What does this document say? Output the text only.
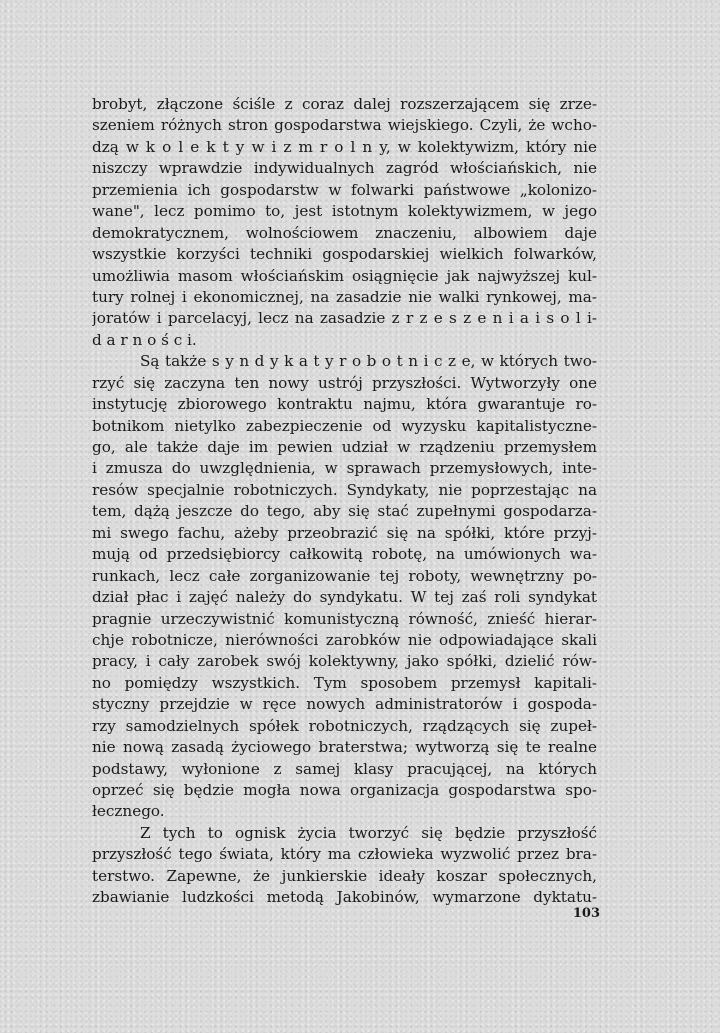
brobyt, złączone ściśle z coraz dalej rozszerzającem się zrze-
szeniem różnych stron gospodarstwa wiejskiego. Czyli, że wcho-
dzą w k o l e k t y w i z m r o l n y, w kolektywizm, który nie
niszczy wprawdzie indywidualnych zagród włościańskich, nie
przemienia ich gospodarstw w folwarki państwowe „kolonizo-
wane", lecz pomimo to, jest istotnym kolektywizmem, w jego
demokratycznem, wolnościowem znaczeniu, albowiem daje
wszystkie korzyści techniki gospodarskiej wielkich folwarków,
umożliwia masom włościańskim osiągnięcie jak najwyższej kul-
tury rolnej i ekonomicznej, na zasadzie nie walki rynkowej, ma-
joratów i parcelacyj, lecz na zasadzie z r z e s z e n i a i s o l i-
d a r n o ś c i.
Są także s y n d y k a t y r o b o t n i c z e, w których two-
rzyć się zaczyna ten nowy ustrój przyszłości. Wytworzyły one
instytucję zbiorowego kontraktu najmu, która gwarantuje ro-
botnikom nietylko zabezpieczenie od wyzysku kapitalistyczne-
go, ale także daje im pewien udział w rządzeniu przemysłem
i zmusza do uwzględnienia, w sprawach przemysłowych, inte-
resów specjalnie robotniczych. Syndykaty, nie poprzestając na
tem, dążą jeszcze do tego, aby się stać zupełnymi gospodarza-
mi swego fachu, ażeby przeobrazić się na spółki, które przyj-
mują od przedsiębiorcy całkowitą robotę, na umówionych wa-
runkach, lecz całe zorganizowanie tej roboty, wewnętrzny po-
dział płac i zajęć należy do syndykatu. W tej zaś roli syndykat
pragnie urzeczywistnić komunistyczną równość, znieść hierar-
chje robotnicze, nierówności zarobków nie odpowiadające skali
pracy, i cały zarobek swój kolektywny, jako spółki, dzielić rów-
no pomiędzy wszystkich. Tym sposobem przemysł kapitali-
styczny przejdzie w ręce nowych administratorów i gospoda-
rzy samodzielnych spółek robotniczych, rządzących się zupeł-
nie nową zasadą życiowego braterstwa; wytworzą się te realne
podstawy, wyłonione z samej klasy pracującej, na których
oprzeć się będzie mogła nowa organizacja gospodarstwa spo-
łecznego.
Z tych to ognisk życia tworzyć się będzie przyszłość
przyszłość tego świata, który ma człowieka wyzwolić przez bra-
terstwo. Zapewne, że junkierskie ideały koszar społecznych,
zbawianie ludzkości metodą Jakobinów, wymarzone dyktatu-
103
